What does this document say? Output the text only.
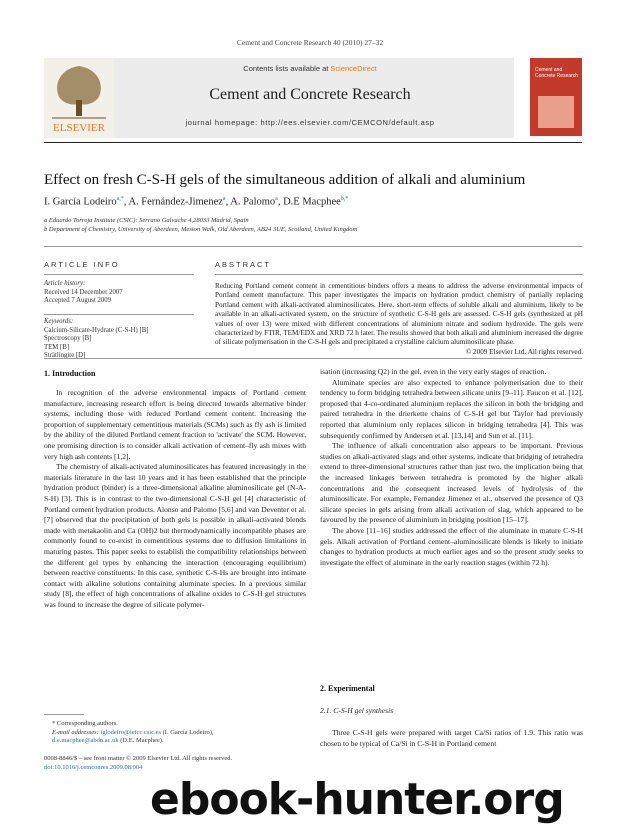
Cement and Concrete Research 40 (2010) 27–32
ELSEVIER
Contents lists available at ScienceDirect
Cement and Concrete Research
journal homepage: http://ees.elsevier.com/CEMCON/default.asp
Cement and Concrete Research
Effect on fresh C-S-H gels of the simultaneous addition of alkali and aluminium
I. García Lodeiro$^{a,*}$, A. Fernández-Jimenez$^a$, A. Palomo$^a$, D.E Macphee$^{b,*}$
a Eduardo Torroja Institute (CSIC): Serrano Galvache 4,28033 Madrid, Spain
b Department of Chemistry, University of Aberdeen, Meston Walk, Old Aberdeen, AB24 3UE, Scotland, United Kingdom
ARTICLE INFO
Article history:
Received 14 December 2007
Accepted 7 August 2009
Keywords:
Calcium-Silicate-Hydrate (C-S-H) [B]
Spectroscopy [B]
TEM [B]
Strätlingite [D]
ABSTRACT
Reducing Portland cement content in cementitious binders offers a means to address the adverse environmental impacts of Portland cement manufacture. This paper investigates the impacts on hydration product chemistry of partially replacing Portland cement with alkali-activated aluminosilicates. Here, short-term effects of soluble alkali and aluminium, likely to be available in an alkali-activated system, on the structure of synthetic C-S-H gels are assessed. C-S-H gels (synthesized at pH values of over 13) were mixed with different concentrations of aluminium nitrate and sodium hydroxide. The gels were characterized by FTIR, TEM/EDX and XRD 72 h later. The results showed that both alkali and aluminium increased the degree of silicate polymerisation in the C-S-H gels and precipitated a crystalline calcium aluminosilicate phase.
© 2009 Elsevier Ltd. All rights reserved.
1. Introduction

In recognition of the adverse environmental impacts of Portland cement manufacture, increasing research effort is being directed towards alternative binder systems, including those with reduced Portland cement content. Increasing the proportion of supplementary cementitious materials (SCMs) such as fly ash is limited by the ability of the diluted Portland cement fraction to 'activate' the SCM. However, one promising direction is to consider alkali activation of cement–fly ash mixes with very high ash contents [1,2].

The chemistry of alkali-activated aluminosilicates has featured increasingly in the materials literature in the last 10 years and it has been established that the principle hydration product (binder) is a three-dimensional alkaline aluminosilicate gel (N-A-S-H) [3]. This is in contrast to the two-dimensional C-S-H gel [4] characteristic of Portland cement hydration products. Alonso and Palomo [5,6] and van Deventer et al. [7] observed that the precipitation of both gels is possible in alkali-activated blends made with metakaolin and Ca (OH)2 but thermodynamically incompatible phases are commonly found to co-exist in cementitious systems due to diffusion limitations in maturing pastes. This paper seeks to establish the compatibility relationships between the different gel types by enhancing the interaction (encouraging equilibrium) between reactive constituents. In this case, synthetic C-S-Hs are brought into intimate contact with alkaline solutions containing aluminate species. In a previous similar study [8], the effect of high concentrations of alkaline oxides to C-S-H gel structures was found to increase the degree of silicate polymer-

isation (increasing Q2) in the gel, even in the very early stages of reaction.

Aluminate species are also expected to enhance polymerisation due to their tendency to form bridging tetrahedra between silicate units [9–11]. Faucon et al. [12], proposed that 4-co-ordinated aluminium replaces the silicon in both the bridging and paired tetrahedra in the drierkette chains of C-S-H gel but Taylor had previously reported that aluminium only replaces silicon in bridging tetrahedra [4]. This was subsequently confirmed by Andersen et al. [13,14] and Sun et al. [11].

The influence of alkali concentration also appears to be important. Previous studies on alkali-activated slags and other systems, indicate that bridging of tetrahedra extend to three-dimensional structures rather than just two, the implication being that the increased linkages between tetrahedra is promoted by the higher alkali concentrations and the consequent increased levels of hydrolysis of the aluminosilicate. For example, Fernandez Jimenez et al., observed the presence of Q3 silicate species in gels arising from alkali activation of slag, which appeared to be favoured by the presence of aluminium in bridging position [15–17].

The above [11–16] studies addressed the effect of the aluminate in mature C-S-H gels. Alkali activation of Portland cement–aluminosilicate blends is likely to initiate changes to hydration products at much earlier ages and so the present study seeks to investigate the effect of aluminate in the early reaction stages (within 72 h).

2. Experimental
2.1. C-S-H gel synthesis

Three C-S-H gels were prepared with target Ca/Si ratios of 1.9. This ratio was chosen to be typical of Ca/Si in C-S-H in Portland cement

* Corresponding authors.
E-mail addresses: iglodeiro@ietcc.csic.es (I. García Lodeiro),
d.e.macphee@abdn.ac.uk (D.E. Macphee).
0008-8846/$ – see front matter © 2009 Elsevier Ltd. All rights reserved.
doi:10.1016/j.cemconres.2009.08.004
ebook-hunter.org
